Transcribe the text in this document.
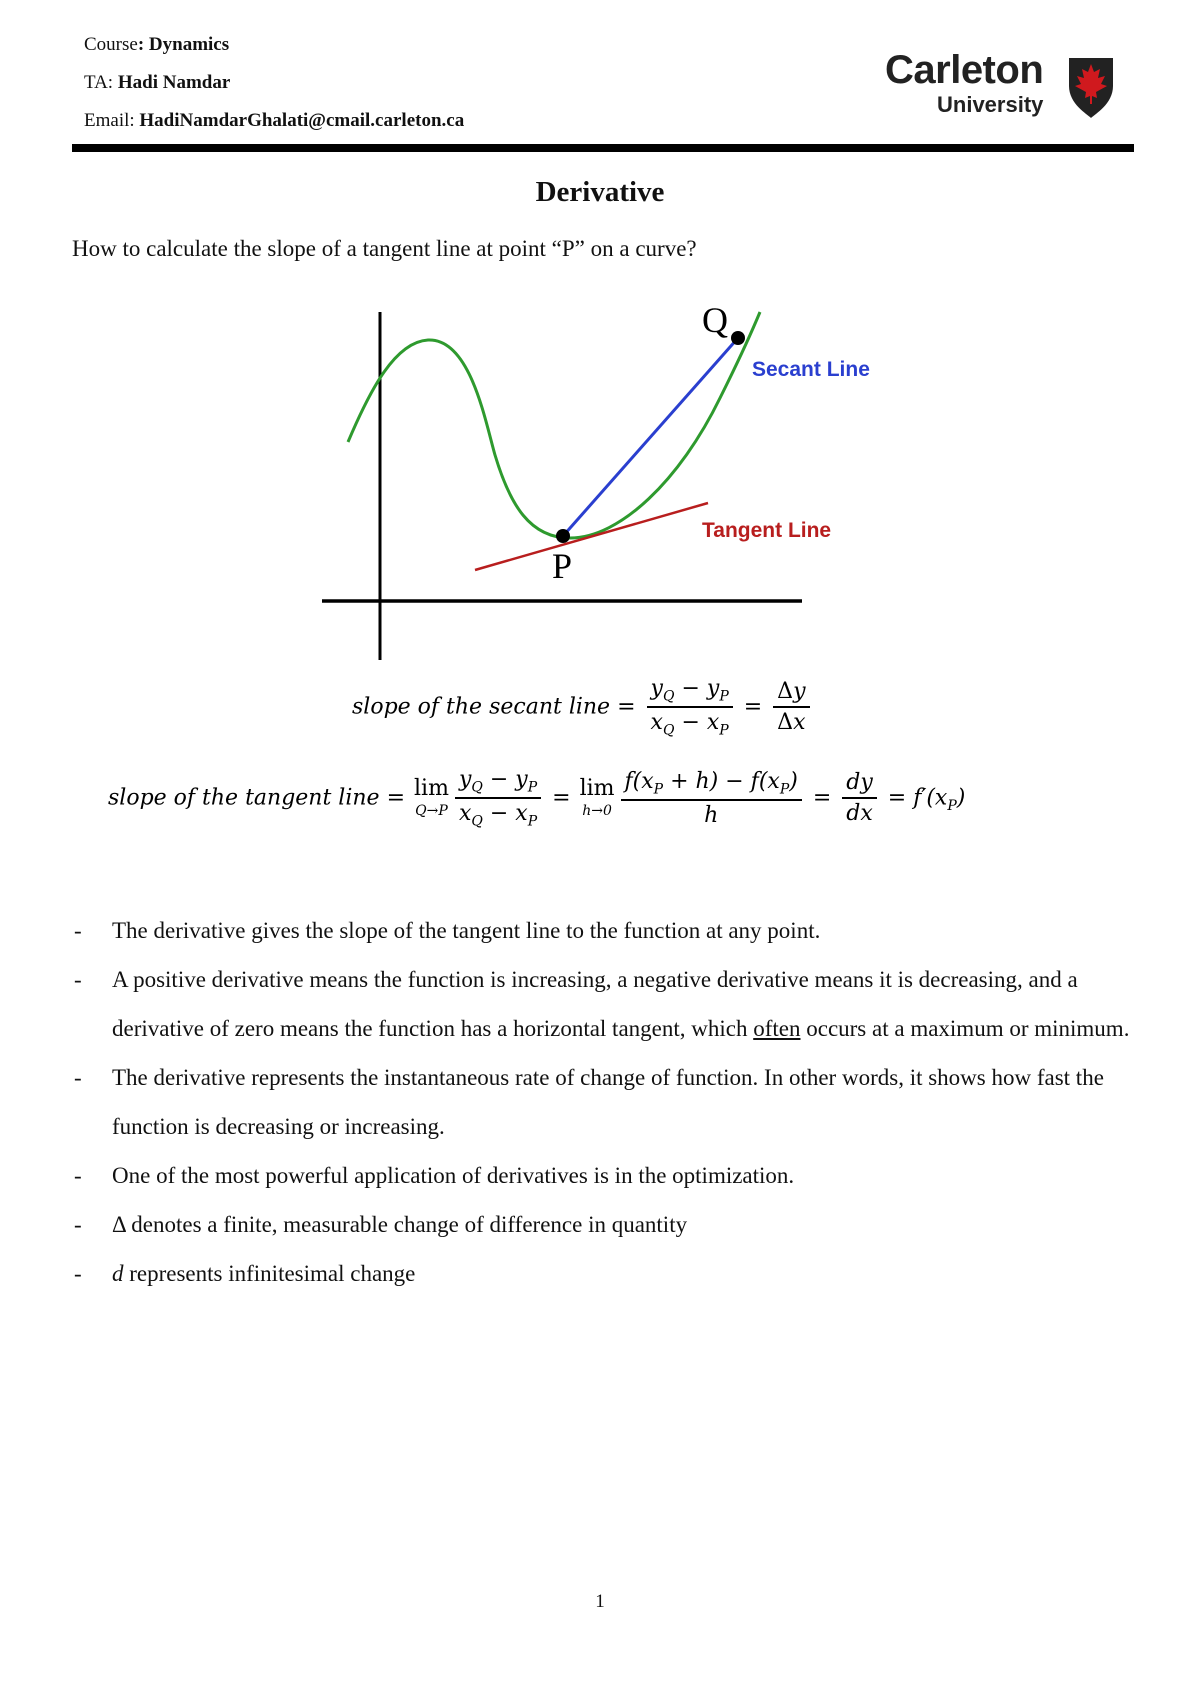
Course: Dynamics
TA: Hadi Namdar
Email: HadiNamdarGhalati@cmail.carleton.ca
Carleton
University
Derivative
How to calculate the slope of a tangent line at point “P” on a curve?
Q
P
Secant Line
Tangent Line
slope of the secant line = $\frac{y_Q - y_P}{x_Q - x_P} = \frac{\Delta y}{\Delta x}$
slope of the tangent line = lim
$Q\to P \frac{y_Q - y_P}{x_Q - x_P} = \lim$
$h\to 0 \frac{f(x_P + h) - f(x_P)}{h} = \frac{dy}{dx} = f'(x_P)$
-	The derivative gives the slope of the tangent line to the function at any point.
-	A positive derivative means the function is increasing, a negative derivative means it is decreasing, and a derivative of zero means the function has a horizontal tangent, which often occurs at a maximum or minimum.
-	The derivative represents the instantaneous rate of change of function. In other words, it shows how fast the function is decreasing or increasing.
-	One of the most powerful application of derivatives is in the optimization.
-	Δ denotes a finite, measurable change of difference in quantity
-	d represents infinitesimal change
1
